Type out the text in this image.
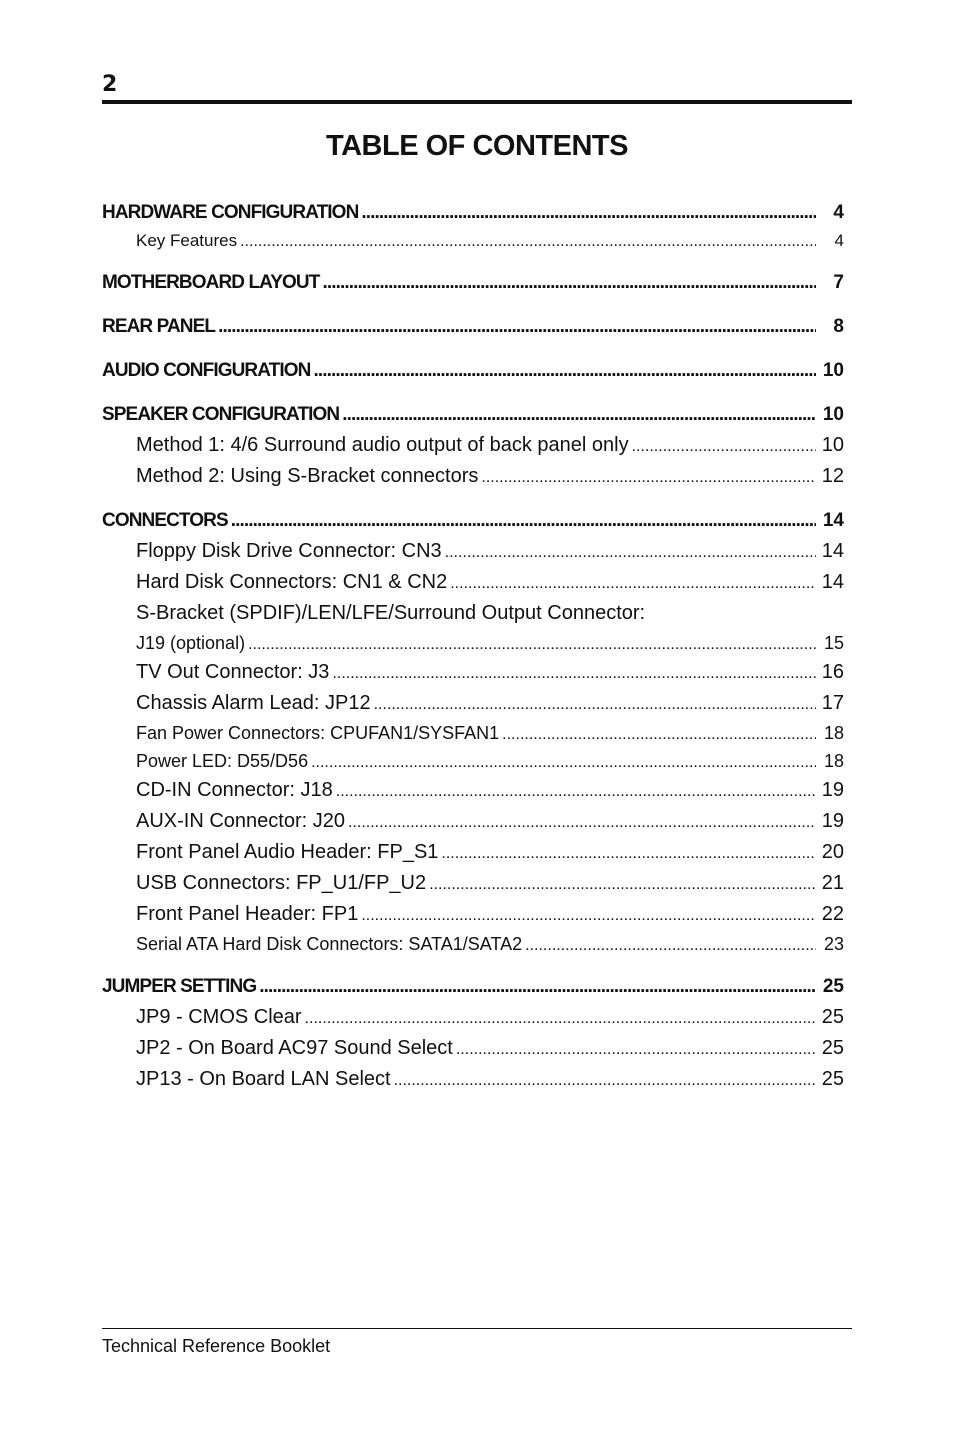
2
TABLE OF CONTENTS
HARDWARE CONFIGURATION .....	4
Key Features .....	4
MOTHERBOARD LAYOUT .....	7
REAR PANEL .....	8
AUDIO CONFIGURATION .....	10
SPEAKER CONFIGURATION .....	10
Method 1: 4/6 Surround audio output of back panel only .....	10
Method 2: Using S-Bracket connectors .....	12
CONNECTORS .....	14
Floppy Disk Drive Connector: CN3 .....	14
Hard Disk Connectors: CN1 & CN2 .....	14
S-Bracket (SPDIF)/LEN/LFE/Surround Output Connector:
J19 (optional) .....	15
TV Out Connector: J3 .....	16
Chassis Alarm Lead: JP12 .....	17
Fan Power Connectors: CPUFAN1/SYSFAN1 .....	18
Power LED: D55/D56 .....	18
CD-IN Connector: J18 .....	19
AUX-IN Connector: J20 .....	19
Front Panel Audio Header: FP_S1 .....	20
USB Connectors: FP_U1/FP_U2 .....	21
Front Panel Header: FP1 .....	22
Serial ATA Hard Disk Connectors: SATA1/SATA2 .....	23
JUMPER SETTING .....	25
JP9 - CMOS Clear .....	25
JP2 - On Board AC97 Sound Select .....	25
JP13 - On Board LAN Select .....	25
Technical Reference Booklet
